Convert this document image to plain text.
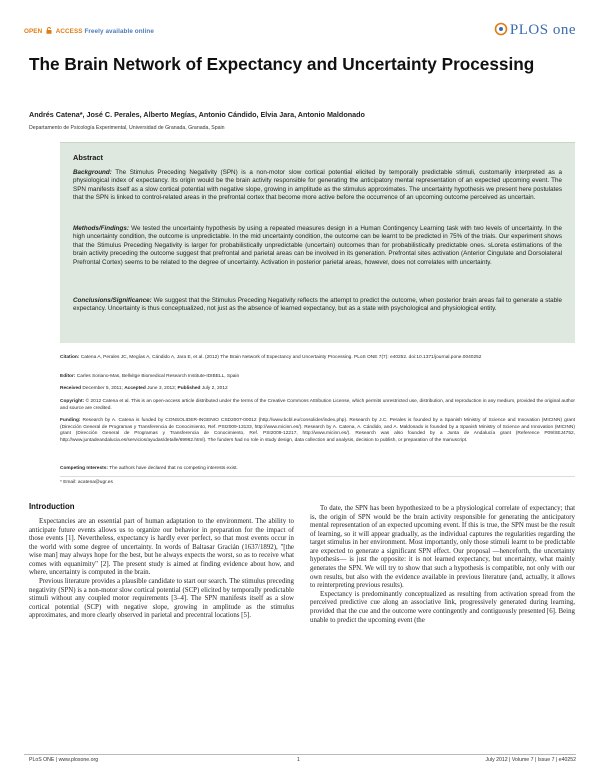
OPEN ACCESS Freely available online	PLOS one
The Brain Network of Expectancy and Uncertainty Processing
Andrés Catena*, José C. Perales, Alberto Megías, Antonio Cándido, Elvia Jara, Antonio Maldonado
Departamento de Psicología Experimental, Universidad de Granada, Granada, Spain
Abstract

Background: The Stimulus Preceding Negativity (SPN) is a non-motor slow cortical potential elicited by temporally predictable stimuli, customarily interpreted as a physiological index of expectancy. Its origin would be the brain activity responsible for generating the anticipatory mental representation of an expected upcoming event. The SPN manifests itself as a slow cortical potential with negative slope, growing in amplitude as the stimulus approximates. The uncertainty hypothesis we present here postulates that the SPN is linked to control-related areas in the prefrontal cortex that become more active before the occurrence of an upcoming outcome perceived as uncertain.

Methods/Findings: We tested the uncertainty hypothesis by using a repeated measures design in a Human Contingency Learning task with two levels of uncertainty. In the high uncertainty condition, the outcome is unpredictable. In the mid uncertainty condition, the outcome can be learnt to be predicted in 75% of the trials. Our experiment shows that the Stimulus Preceding Negativity is larger for probabilistically unpredictable (uncertain) outcomes than for probabilistically predictable ones. sLoreta estimations of the brain activity preceding the outcome suggest that prefrontal and parietal areas can be involved in its generation. Prefrontal sites activation (Anterior Cingulate and Dorsolateral Prefrontal Cortex) seems to be related to the degree of uncertainty. Activation in posterior parietal areas, however, does not correlates with uncertainty.

Conclusions/Significance: We suggest that the Stimulus Preceding Negativity reflects the attempt to predict the outcome, when posterior brain areas fail to generate a stable expectancy. Uncertainty is thus conceptualized, not just as the absence of learned expectancy, but as a state with psychological and physiological entity.

Citation: Catena A, Perales JC, Megías A, Cándido A, Jara E, et al. (2012) The Brain Network of Expectancy and Uncertainty Processing. PLoS ONE 7(7): e40252. doi:10.1371/journal.pone.0040252

Editor: Carles Soriano-Mas, Bellvitge Biomedical Research Institute-IDIBELL, Spain

Received December 5, 2011; Accepted June 3, 2012; Published July 2, 2012

Copyright: © 2012 Catena et al. This is an open-access article distributed under the terms of the Creative Commons Attribution License, which permits unrestricted use, distribution, and reproduction in any medium, provided the original author and source are credited.

Funding: Research by A. Catena is funded by CONSOLIDER-INGENIO CSD2007-00012 (http://www.bcbl.eu/consolider/index.php). Research by J.C. Perales is founded by a Spanish Ministry of Science and Innovation (MICINN) grant (Dirección General de Programas y Transferencia de Conocimiento, Ref. PSI2009-13133, http://www.micinn.es/). Research by A. Catena, A. Cándido, and A. Maldonado is founded by a Spanish Ministry of Science and Innovation (MICINN) grant (Dirección General de Programas y Transferencia de Conocimiento, Ref. PSI2009-12217, http://www.micinn.es/). Research was also founded by a Junta de Andalucía grant (Reference P09/SEJ4752, http://www.juntadeandalucia.es/servicios/ayudas/detalle/69962.html). The funders had no role in study design, data collection and analysis, decision to publish, or preparation of the manuscript.

Competing Interests: The authors have declared that no competing interests exist.

* Email: acatena@ugr.es

Introduction

Expectancies are an essential part of human adaptation to the environment. The ability to anticipate future events allows us to organize our behavior in preparation for the impact of those events [1]. Nevertheless, expectancy is hardly ever perfect, so that most events occur in the world with some degree of uncertainty. In words of Baltasar Gracián (1637/1892), "[the wise man] may always hope for the best, but he always expects the worst, so as to receive what comes with equanimity" [2]. The present study is aimed at finding evidence about how, and where, uncertainty is computed in the brain.

Previous literature provides a plausible candidate to start our search. The stimulus preceding negativity (SPN) is a non-motor slow cortical potential (SCP) elicited by temporally predictable stimuli without any coupled motor requirements [3–4]. The SPN manifests itself as a slow cortical potential (SCP) with negative slope, growing in amplitude as the stimulus approximates, and more clearly observed in parietal and precentral locations [5].

To date, the SPN has been hypothesized to be a physiological correlate of expectancy; that is, the origin of SPN would be the brain activity responsible for generating the anticipatory mental representation of an expected upcoming event. If this is true, the SPN must be the result of learning, so it will appear gradually, as the individual captures the regularities regarding the target stimulus in her environment. Most importantly, only those stimuli learnt to be predictable are expected to generate a significant SPN effect. Our proposal —henceforth, the uncertainty hypothesis— is just the opposite: it is not learned expectancy, but uncertainty, what mainly generates the SPN. We will try to show that such a hypothesis is compatible, not only with our own results, but also with the evidence available in previous literature (and, actually, it allows to reinterpreting previous results).

Expectancy is predominantly conceptualized as resulting from activation spread from the perceived predictive cue along an associative link, progressively generated during learning, provided that the cue and the outcome were contingently and contiguously presented [6]. Being unable to predict the upcoming event (the

PLoS ONE | www.plosone.org	1	July 2012 | Volume 7 | Issue 7 | e40252
